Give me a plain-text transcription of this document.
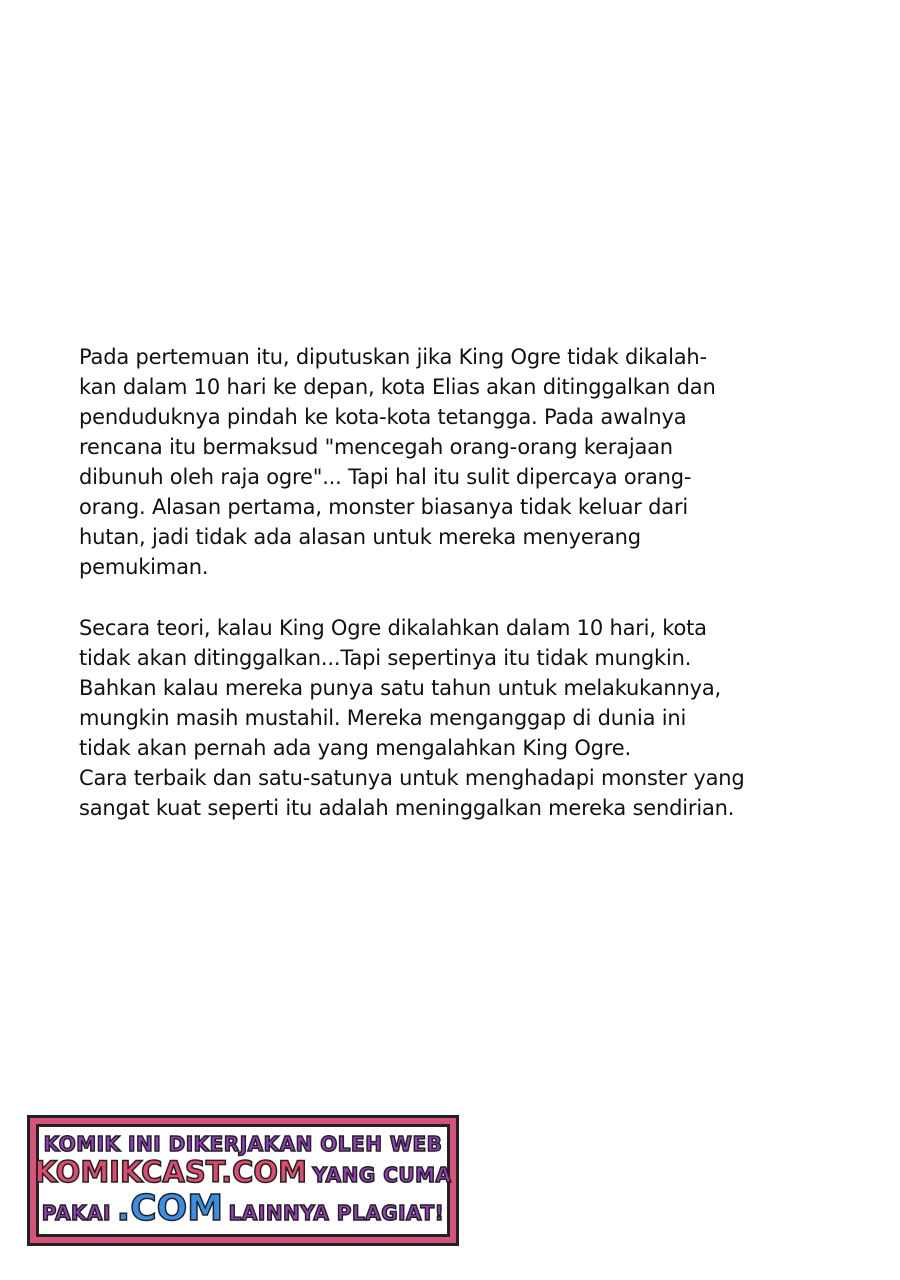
Pada pertemuan itu, diputuskan jika King Ogre tidak dikalah-
kan dalam 10 hari ke depan, kota Elias akan ditinggalkan dan
penduduknya pindah ke kota-kota tetangga. Pada awalnya
rencana itu bermaksud "mencegah orang-orang kerajaan
dibunuh oleh raja ogre"... Tapi hal itu sulit dipercaya orang-
orang. Alasan pertama, monster biasanya tidak keluar dari
hutan, jadi tidak ada alasan untuk mereka menyerang
pemukiman.
Secara teori, kalau King Ogre dikalahkan dalam 10 hari, kota
tidak akan ditinggalkan...Tapi sepertinya itu tidak mungkin.
Bahkan kalau mereka punya satu tahun untuk melakukannya,
mungkin masih mustahil. Mereka menganggap di dunia ini
tidak akan pernah ada yang mengalahkan King Ogre.
Cara terbaik dan satu-satunya untuk menghadapi monster yang
sangat kuat seperti itu adalah meninggalkan mereka sendirian.
KOMIK INI DIKERJAKAN OLEH WEB
KOMIKCAST.COM YANG CUMA
PAKAI .COM LAINNYA PLAGIAT!
